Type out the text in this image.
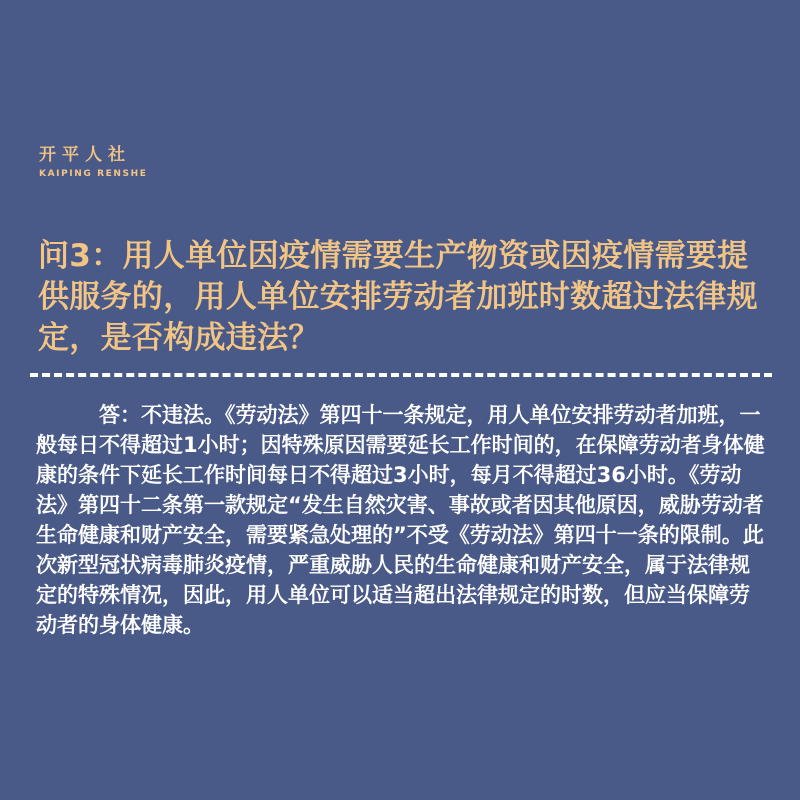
开平人社
KAIPING RENSHE

问3：用人单位因疫情需要生产物资或因疫情需要提供服务的，用人单位安排劳动者加班时数超过法律规定，是否构成违法？

答：不违法。《劳动法》第四十一条规定，用人单位安排劳动者加班，一般每日不得超过1小时；因特殊原因需要延长工作时间的，在保障劳动者身体健康的条件下延长工作时间每日不得超过3小时，每月不得超过36小时。《劳动法》第四十二条第一款规定“发生自然灾害、事故或者因其他原因，威胁劳动者生命健康和财产安全，需要紧急处理的”不受《劳动法》第四十一条的限制。此次新型冠状病毒肺炎疫情，严重威胁人民的生命健康和财产安全，属于法律规定的特殊情况，因此，用人单位可以适当超出法律规定的时数，但应当保障劳动者的身体健康。
